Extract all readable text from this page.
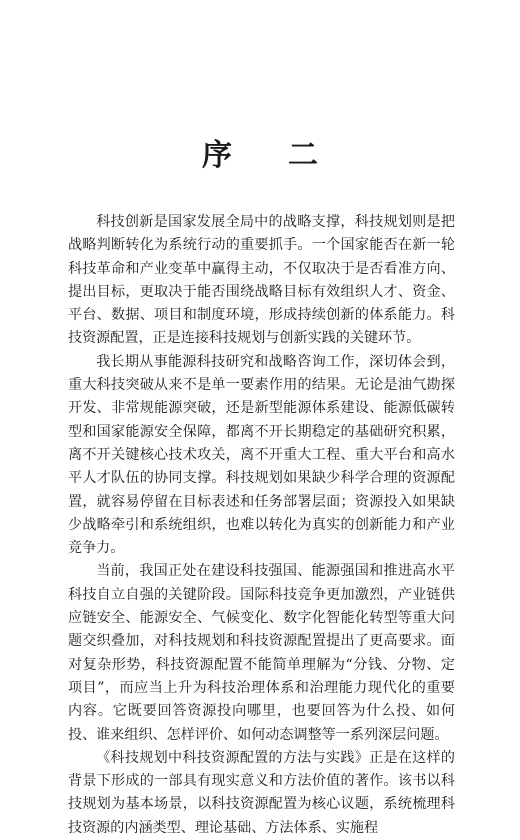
序二

科技创新是国家发展全局中的战略支撑，科技规划则是把战略判断转化为系统行动的重要抓手。一个国家能否在新一轮科技革命和产业变革中赢得主动，不仅取决于是否看准方向、提出目标，更取决于能否围绕战略目标有效组织人才、资金、平台、数据、项目和制度环境，形成持续创新的体系能力。科技资源配置，正是连接科技规划与创新实践的关键环节。

我长期从事能源科技研究和战略咨询工作，深切体会到，重大科技突破从来不是单一要素作用的结果。无论是油气勘探开发、非常规能源突破，还是新型能源体系建设、能源低碳转型和国家能源安全保障，都离不开长期稳定的基础研究积累，离不开关键核心技术攻关，离不开重大工程、重大平台和高水平人才队伍的协同支撑。科技规划如果缺少科学合理的资源配置，就容易停留在目标表述和任务部署层面；资源投入如果缺少战略牵引和系统组织，也难以转化为真实的创新能力和产业竞争力。

当前，我国正处在建设科技强国、能源强国和推进高水平科技自立自强的关键阶段。国际科技竞争更加激烈，产业链供应链安全、能源安全、气候变化、数字化智能化转型等重大问题交织叠加，对科技规划和科技资源配置提出了更高要求。面对复杂形势，科技资源配置不能简单理解为“分钱、分物、定项目”，而应当上升为科技治理体系和治理能力现代化的重要内容。它既要回答资源投向哪里，也要回答为什么投、如何投、谁来组织、怎样评价、如何动态调整等一系列深层问题。

《科技规划中科技资源配置的方法与实践》正是在这样的背景下形成的一部具有现实意义和方法价值的著作。该书以科技规划为基本场景，以科技资源配置为核心议题，系统梳理科技资源的内涵类型、理论基础、方法体系、实施程
